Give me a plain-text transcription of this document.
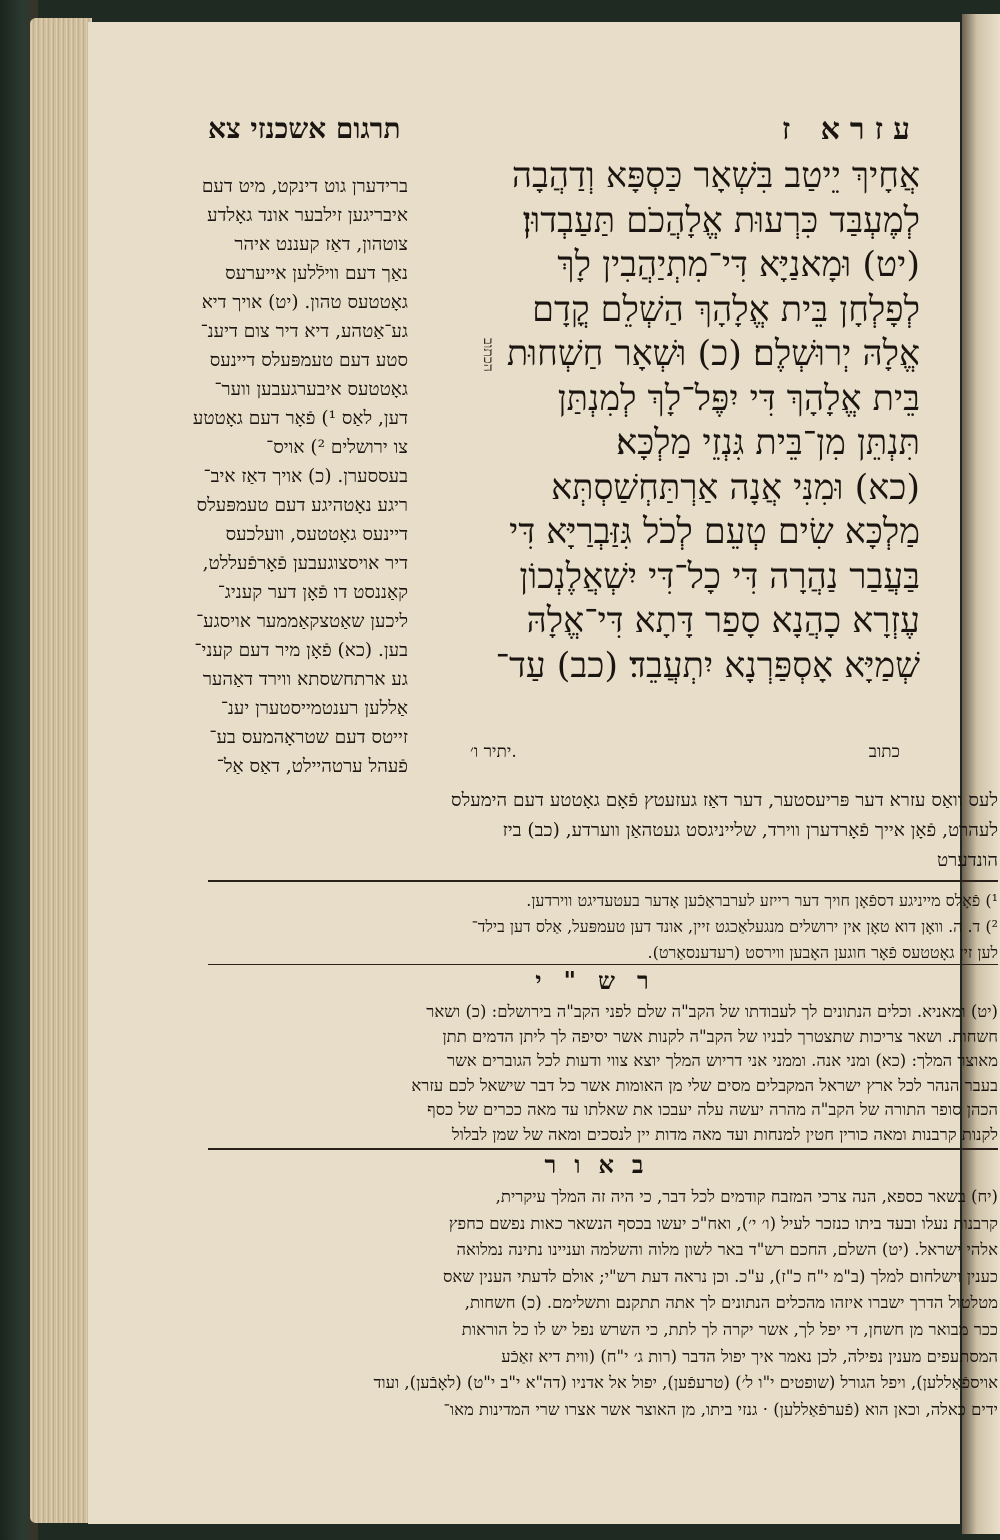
עזרא ז
תרגום אשכנזי צא
אֲחָיךְ יֵיטַב בִּשְׁאָר כַּסְפָּא וְדַהֲבָה
לְמֶעְבַּד כִּרְעוּת אֱלָהֲכֹם תַּעַבְדוּן׃
(יט) וּמָאנַיָּא דִּי־מִתְיַהֲבִין לָךְ
לְפָלְחָן בֵּית אֱלָהָךְ הַשְׁלֵם קֳדָם
אֱלָהּ יְרוּשְׁלֶם׃ (כ) וּשְׁאָר חַשְׁחוּת
בֵּית אֱלָהָךְ דִּי יִפֶּל־לָךְ לְמִנְתַּן
תִּנְתֵּן מִן־בֵּית גִּנְזֵי מַלְכָּא׃
(כא) וּמִנִּי אֲנָה אַרְתַּחְשַׁסְתְּא
מַלְכָּא שִׂים טְעֵם לְכֹל גִּזַּבְרַיָּא דִּי
בַּעֲבַר נַהֲרָה דִּי כָל־דִּי יִשְׁאֲלֶנְכוֹן
עֶזְרָא כָהֲנָא סָפַר דָּתָא דִּי־אֱלָהּ
שְׁמַיָּא אָסְפַּרְנָא יִתְעֲבֵד׃ (כב) עַד־
יתיר ו׳.	כתוב
הכתוב
ברידערן גוט דינקט, מיט דעם
איבריגען זילבער אונד גאָלדע
צוטהון, דאַז קעננט איהר
נאַך דעם ווילֿלען אייערעס
גאָטטעס טהון. (יט) אויך דיא
גע־אַטהע, דיא דיר צום דיענ־
סטע דעם טעמפּעלס דיינעס
גאָטטעס איבערגעבען ווער־
דען, לאַס ¹) פֿאָר דעם גאָטטע
צו ירושלים ²) אויס־
בעססערן. (כ) אויך דאַז איב־
ריגע נאָטהיגע דעם טעמפּעלס
דיינעס גאָטטעס, וועלכעס
דיר אויסצוגעבען פֿאָרפֿעללט,
קאַננסט דו פֿאָן דער קעניג־
ליכען שאַטצקאַממער אויסגע־
בען. (כא) פֿאָן מיר דעם קעני־
גע ארתחשסתא ווירד דאַהער
אַללען רענטמייסטערן יענ־
זייטס דעם שטראָהמעס בע־
פֿעהל ערטהיילט, דאַס אַל־
לעס וואַס עזרא דער פּריעסטער, דער דאַז געזעטץ פֿאָם גאָטטע דעם הימעלס
לעהרט, פֿאָן אייך פֿאָרדערן ווירד, שלייניגסט געטהאַן ווערדע, (כב) ביז
הונדערט
¹) פֿאָלס מייניגע דספֿאָן חויך דער רייזע לערבראַכֿען אָדער בעטעדיגט ווירדען.
²) ד. ה. וואָן דוא טאָן אין ירושלים מנגעלאַכגט זיין, אונד דען טעמפּעל, אַלס דען בילד־
לען זין גאָטטעס פֿאָר חוגען האָבען ווירסט (רעדענסאַרט).
רש"י
(יט) ומאניא. וכלים הנתונים לך לעבודתו של הקב"ה שלם לפני הקב"ה בירושלם: (כ) ושאר
חשחות. ושאר צריכות שתצטרך לבניו של הקב"ה לקנות אשר יסיפה לך ליתן הדמים תתן
מאוצר המלך: (כא) ומני אנה. וממני אני דריוש המלך יוצא צווי ודעות לכל הגוברים אשר
בעבר הנהר לכל ארץ ישראל המקבלים מסים שלי מן האומות אשר כל דבר שישאל לכם עזרא
הכהן סופר התורה של הקב"ה מהרה יעשה עלה יעבכו את שאלתו עד מאה ככרים של כסף
לקנות קרבנות ומאה כורין חטין למנחות ועד מאה מדות יין לנסכים ומאה של שמן לבלול
באור
(יח) בשאר כספא, הנה צרכי המזבח קודמים לכל דבר, כי היה זה המלך עיקרית,
קרבנות נעלו ובעד ביתו כנזכר לעיל (ו׳ י׳), ואח"כ יעשו בכסף הנשאר כאות נפשם כחפץ
אלהי ישראל. (יט) השלם, החכם רש"ד באר לשון מלוה והשלמה ועניינו נתינה נמלואה
כענין וישלחום למלך (ב"מ י"ח כ"ז), ע"כ. וכן נראה דעת רש"י; אולם לדעתי הענין שאס
מטלטול הדרך ישברו איזהו מהכלים הנתונים לך אתה תתקנם ותשלימם. (כ) חשחות,
ככר מבואר מן חשחן, די יפל לך, אשר יקרה לך לתת, כי השרש נפל יש לו כל הוראות
המסתעפים מענין נפילה, לכן נאמר איך יפול הדבר (רות ג׳ י"ח) (ווית דיא זאַכֿע
אויספֿאַללען), ויפל הגורל (שופטים י"ו ל׳) (טרעפֿען), יפול אל אדניו (דה"א י"ב י"ט) (לאָבֿען), ועוד
ידים כאלה, וכאן הוא (פֿערפֿאַללען) · גנזי ביתו, מן האוצר אשר אצרו שרי המדינות מאו־
